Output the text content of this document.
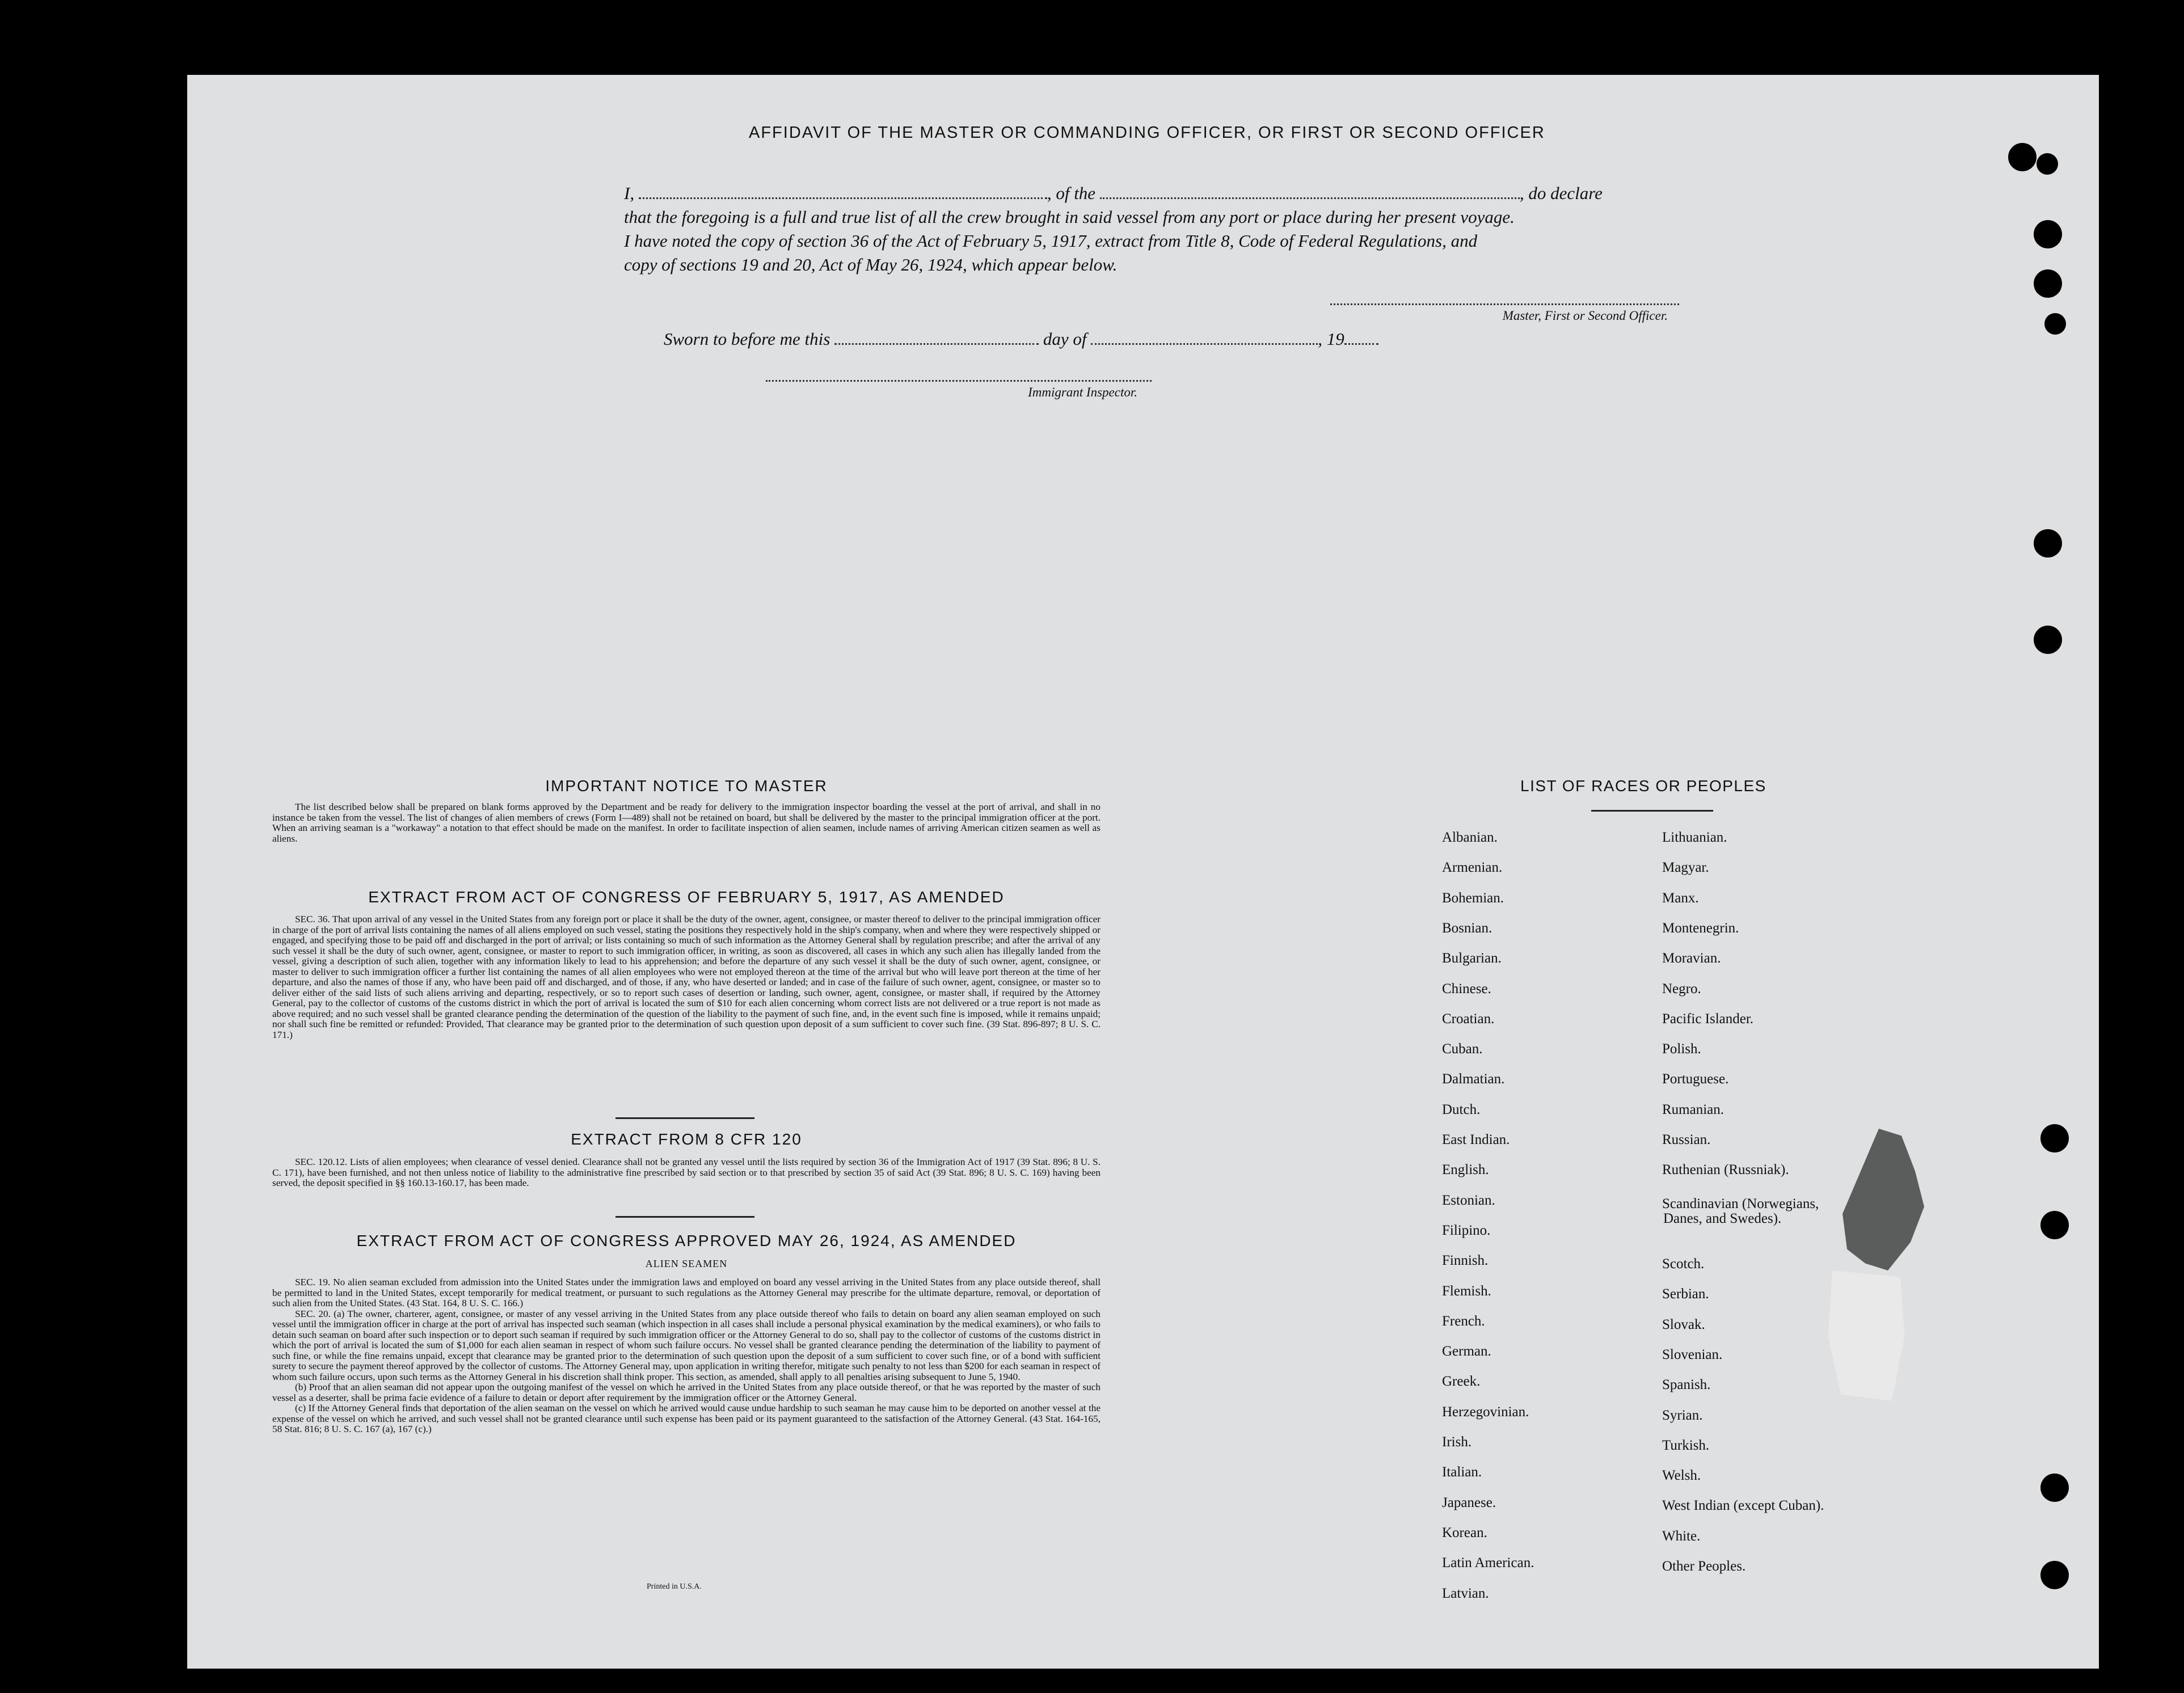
AFFIDAVIT OF THE MASTER OR COMMANDING OFFICER, OR FIRST OR SECOND OFFICER
I,	, of the	, do declare
that the foregoing is a full and true list of all the crew brought in said vessel from any port or place during her present voyage.
I have noted the copy of section 36 of the Act of February 5, 1917, extract from Title 8, Code of Federal Regulations, and
copy of sections 19 and 20, Act of May 26, 1924, which appear below.
Master, First or Second Officer.
Sworn to before me this	day of	, 19
Immigrant Inspector.
IMPORTANT NOTICE TO MASTER

The list described below shall be prepared on blank forms approved by the Department and be ready for delivery to the immigration inspector boarding the vessel at the port of arrival, and shall in no instance be taken from the vessel. The list of changes of alien members of crews (Form I—489) shall not be retained on board, but shall be delivered by the master to the principal immigration officer at the port. When an arriving seaman is a "workaway" a notation to that effect should be made on the manifest. In order to facilitate inspection of alien seamen, include names of arriving American citizen seamen as well as aliens.

EXTRACT FROM ACT OF CONGRESS OF FEBRUARY 5, 1917, AS AMENDED

SEC. 36. That upon arrival of any vessel in the United States from any foreign port or place it shall be the duty of the owner, agent, consignee, or master thereof to deliver to the principal immigration officer in charge of the port of arrival lists containing the names of all aliens employed on such vessel, stating the positions they respectively hold in the ship's company, when and where they were respectively shipped or engaged, and specifying those to be paid off and discharged in the port of arrival; or lists containing so much of such information as the Attorney General shall by regulation prescribe; and after the arrival of any such vessel it shall be the duty of such owner, agent, consignee, or master to report to such immigration officer, in writing, as soon as discovered, all cases in which any such alien has illegally landed from the vessel, giving a description of such alien, together with any information likely to lead to his apprehension; and before the departure of any such vessel it shall be the duty of such owner, agent, consignee, or master to deliver to such immigration officer a further list containing the names of all alien employees who were not employed thereon at the time of the arrival but who will leave port thereon at the time of her departure, and also the names of those if any, who have been paid off and discharged, and of those, if any, who have deserted or landed; and in case of the failure of such owner, agent, consignee, or master so to deliver either of the said lists of such aliens arriving and departing, respectively, or so to report such cases of desertion or landing, such owner, agent, consignee, or master shall, if required by the Attorney General, pay to the collector of customs of the customs district in which the port of arrival is located the sum of $10 for each alien concerning whom correct lists are not delivered or a true report is not made as above required; and no such vessel shall be granted clearance pending the determination of the question of the liability to the payment of such fine, and, in the event such fine is imposed, while it remains unpaid; nor shall such fine be remitted or refunded: Provided, That clearance may be granted prior to the determination of such question upon deposit of a sum sufficient to cover such fine. (39 Stat. 896-897; 8 U. S. C. 171.)

EXTRACT FROM 8 CFR 120

SEC. 120.12. Lists of alien employees; when clearance of vessel denied. Clearance shall not be granted any vessel until the lists required by section 36 of the Immigration Act of 1917 (39 Stat. 896; 8 U. S. C. 171), have been furnished, and not then unless notice of liability to the administrative fine prescribed by said section or to that prescribed by section 35 of said Act (39 Stat. 896; 8 U. S. C. 169) having been served, the deposit specified in §§ 160.13-160.17, has been made.

EXTRACT FROM ACT OF CONGRESS APPROVED MAY 26, 1924, AS AMENDED
ALIEN SEAMEN

SEC. 19. No alien seaman excluded from admission into the United States under the immigration laws and employed on board any vessel arriving in the United States from any place outside thereof, shall be permitted to land in the United States, except temporarily for medical treatment, or pursuant to such regulations as the Attorney General may prescribe for the ultimate departure, removal, or deportation of such alien from the United States. (43 Stat. 164, 8 U. S. C. 166.)

SEC. 20. (a) The owner, charterer, agent, consignee, or master of any vessel arriving in the United States from any place outside thereof who fails to detain on board any alien seaman employed on such vessel until the immigration officer in charge at the port of arrival has inspected such seaman (which inspection in all cases shall include a personal physical examination by the medical examiners), or who fails to detain such seaman on board after such inspection or to deport such seaman if required by such immigration officer or the Attorney General to do so, shall pay to the collector of customs of the customs district in which the port of arrival is located the sum of $1,000 for each alien seaman in respect of whom such failure occurs. No vessel shall be granted clearance pending the determination of the liability to payment of such fine, or while the fine remains unpaid, except that clearance may be granted prior to the determination of such question upon the deposit of a sum sufficient to cover such fine, or of a bond with sufficient surety to secure the payment thereof approved by the collector of customs. The Attorney General may, upon application in writing therefor, mitigate such penalty to not less than $200 for each seaman in respect of whom such failure occurs, upon such terms as the Attorney General in his discretion shall think proper. This section, as amended, shall apply to all penalties arising subsequent to June 5, 1940.

(b) Proof that an alien seaman did not appear upon the outgoing manifest of the vessel on which he arrived in the United States from any place outside thereof, or that he was reported by the master of such vessel as a deserter, shall be prima facie evidence of a failure to detain or deport after requirement by the immigration officer or the Attorney General.

(c) If the Attorney General finds that deportation of the alien seaman on the vessel on which he arrived would cause undue hardship to such seaman he may cause him to be deported on another vessel at the expense of the vessel on which he arrived, and such vessel shall not be granted clearance until such expense has been paid or its payment guaranteed to the satisfaction of the Attorney General. (43 Stat. 164-165, 58 Stat. 816; 8 U. S. C. 167 (a), 167 (c).)

Printed in U.S.A.
LIST OF RACES OR PEOPLES
Albanian.
Armenian.
Bohemian.
Bosnian.
Bulgarian.
Chinese.
Croatian.
Cuban.
Dalmatian.
Dutch.
East Indian.
English.
Estonian.
Filipino.
Finnish.
Flemish.
French.
German.
Greek.
Herzegovinian.
Irish.
Italian.
Japanese.
Korean.
Latin American.
Latvian.
Lithuanian.
Magyar.
Manx.
Montenegrin.
Moravian.
Negro.
Pacific Islander.
Polish.
Portuguese.
Rumanian.
Russian.
Ruthenian (Russniak).
Scandinavian (Norwegians,
Danes, and Swedes).
Scotch.
Serbian.
Slovak.
Slovenian.
Spanish.
Syrian.
Turkish.
Welsh.
West Indian (except Cuban).
White.
Other Peoples.
